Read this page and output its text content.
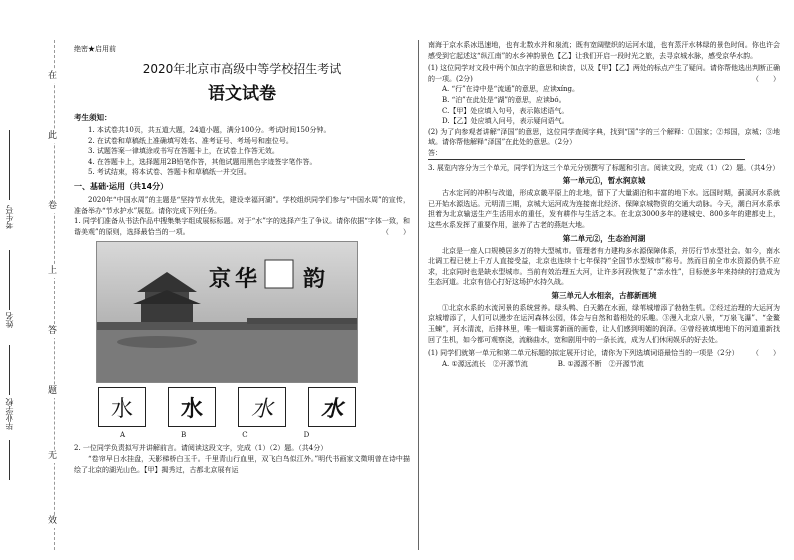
在
此
卷
上
答
题
无
效
考生号
姓名
毕业学校
绝密★启用前
2020年北京市高级中等学校招生考试
语文试卷
考生须知：

1. 本试卷共10页，共五道大题，24道小题，满分100分。考试时间150分钟。

2. 在试卷和草稿纸上准确填写姓名、准考证号、考场号和座位号。

3. 试题答案一律填涂或书写在答题卡上，在试卷上作答无效。

4. 在答题卡上，选择题用2B铅笔作答，其他试题用黑色字迹签字笔作答。

5. 考试结束，将本试卷、答题卡和草稿纸一并交回。

一、基础·运用（共14分）

2020年“中国水周”的主题是“坚持节水优先，建设幸福河湖”。学校组织同学们参与“中国水周”的宣传，准备举办“节水护水”展览。请你完成下列任务。

1. 同学们准备从书法作品中搜集集字组成展标标题。对于“水”字的选择产生了争议。请你依据“字体一致，和谐美观”的原则，选择最恰当的一项。	（　　）

京华 韵
水 水 水 水
A	B	C	D

2. 一位同学负责拟写并讲解前言。请阅读这段文字，完成（1）（2）题。（共4分）

“卷帘早日水挂盘，天影梯桥白玉千。千里青山行血里，双飞白鸟似江外。”明代书画家文徵明曾在诗中描绘了北京的湖光山色。【甲】揭秀过，古都北京展有运

南海于京水系冰迅速地，也有北数水并和泉流；既有宽阔壁织的运河水道，也有蒸汗水林绿的景色时间。你也许会感受到它起述这“纵江南”的水乡神韵景色【乙】让我们开启一段时光之旅，去寻京城水脉，感受京华水韵。

(1) 这位同学对文段中两个加点字的意思和读音，以及【甲】【乙】两处的标点产生了疑问。请你帮他选出判断正确的一项。(2分)	（　　）

A. “行”在诗中是“流通”的意思，应读xíng。

B. “泊”在此处是“湖”的意思，应读bó。

C.【甲】处应填入句号，表示陈述语气。

D.【乙】处应填入问号，表示疑问语气。

(2) 为了向参观者讲解“泽国”的意思，这位同学查阅字典，找到“国”字的三个解释：①国家；②邦国，京城；③地域。请你帮他解释“泽国”在此处的意思。（2分）

答：

3. 展览内容分为三个单元，同学们为这三个单元分别撰写了标题和引言。阅读文段，完成（1）（2）题。（共4分）

第一单元①，暂水润京城

古水定河的冲积与改道，形成京畿平原上的北地，留下了大量湖泊和丰富的地下水。远国时期，蓟溪河水系就已开始水源选运。元明清三期，京城大运河成为连接南北经济、保障京城物资的交通大动脉。今天，潮白河水系承担着为北京输送生产生活用水的重任，发有耕作与生活之本。在北京3000多年的建城史、800多年的建都史上，这些水系发挥了重要作用，滋养了古老的燕赵大地。

第二单元②，生态治河湖

北京是一座人口规模居多万的特大型城市。管理者有力建构多水源保障体系，并厉行节水型社会。如今，南水北调工程已使上千万人直接受益，北京也连续十七年保持“全国节水型城市”称号。然而目前全市水资源仍供不应求，北京同时也是缺水型城市。当前有效治理五大河，让许多河段恢复了“亲水性”，目标使多年来持续的打造成为生态河道。北京有信心打好这场护水持久战。

第三单元人水相亲，古都新画境

①北京水系的水流河景的系统营养。绿头鸭、白天鹅在水面，绿苇城增添了勃勃生机。②经过治理的大运河为京城增添了，人们可以漫步在运河森林公园，体会与自然和谐相处的乐趣。③漫入北京八景，“万泉飞瀑”、“金鳌玉蝀”，河水清流，后排林里，唯一幅谈雾新画的画卷，让人们感到明媚的润泽。④曾经被填埋地下的河道重新找回了生机，如今都可观察浇，流觞曲水，宽和剧用中的一条长流，成为人们休闲娱乐的好去处。

(1) 同学们就第一单元和第二单元标题的拟定展开讨论，请你为下列选填词语最恰当的一项是（2分） （　　）

A. ①源远流长　②开源节流	B. ①源源不断　②开源节流
